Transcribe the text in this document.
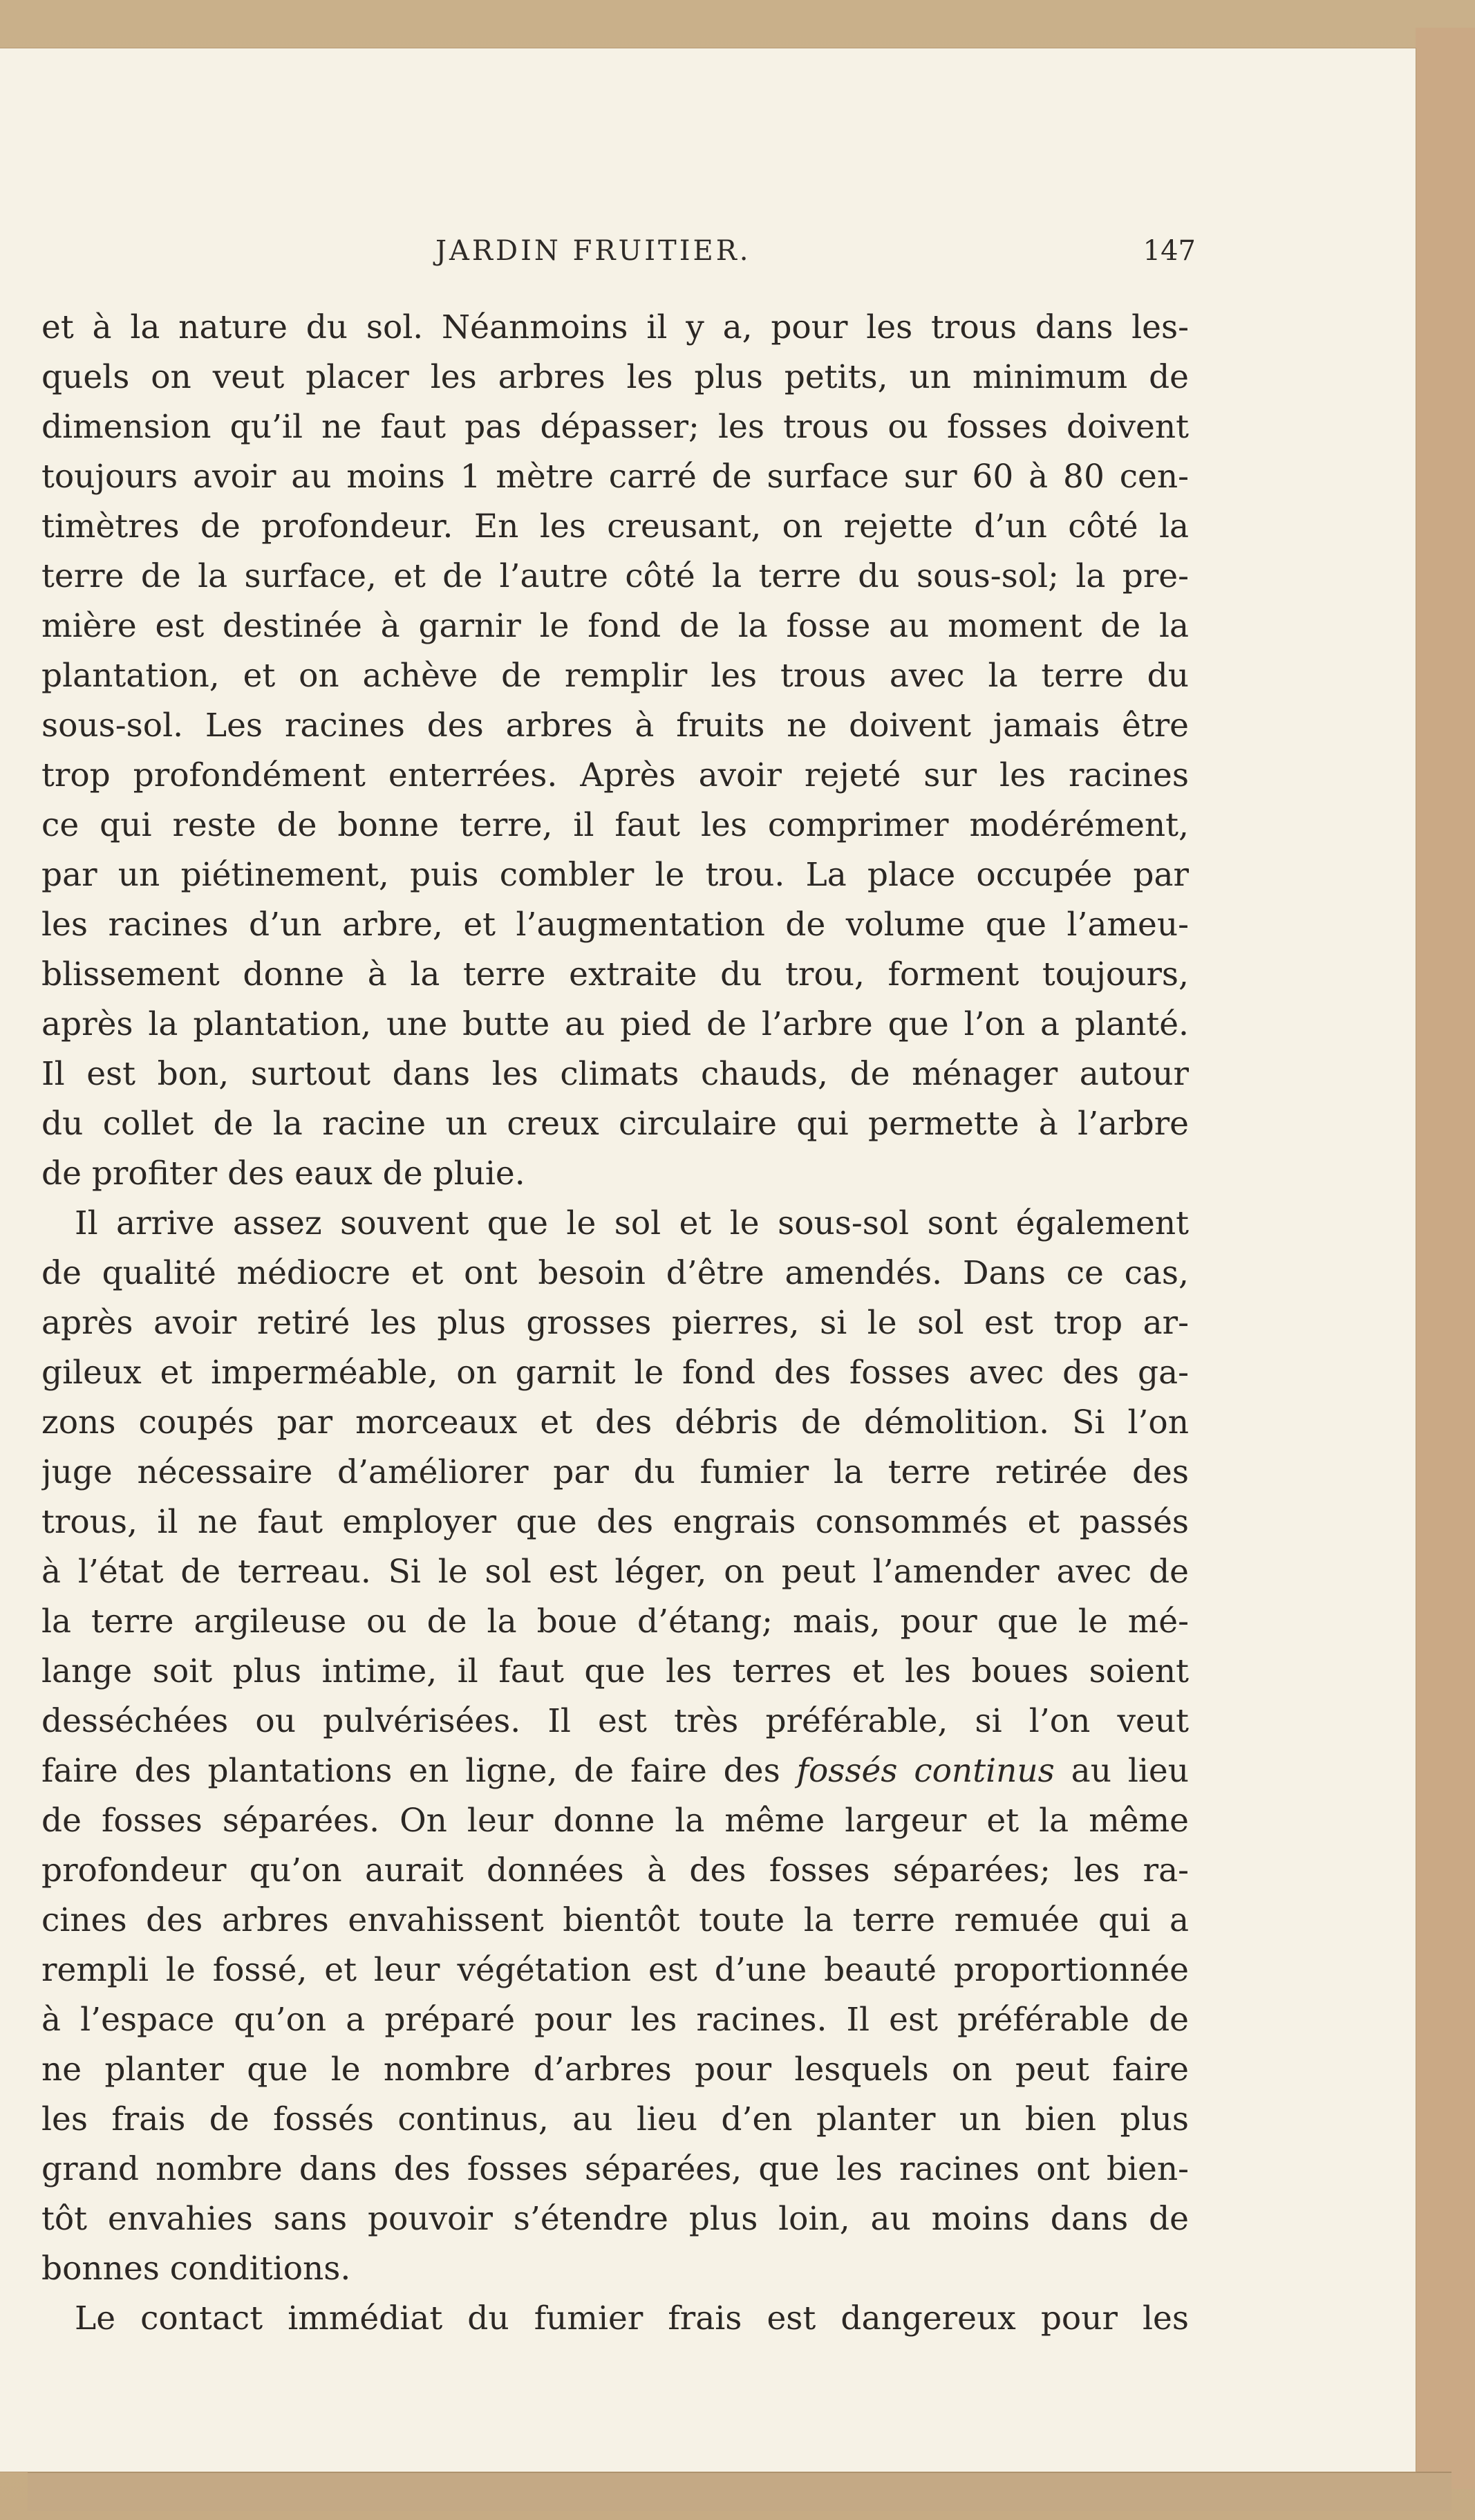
JARDIN FRUITIER.	147
et à la nature du sol. Néanmoins il y a, pour les trous dans les-
quels on veut placer les arbres les plus petits, un minimum de
dimension qu’il ne faut pas dépasser; les trous ou fosses doivent
toujours avoir au moins 1 mètre carré de surface sur 60 à 80 cen-
timètres de profondeur. En les creusant, on rejette d’un côté la
terre de la surface, et de l’autre côté la terre du sous-sol; la pre-
mière est destinée à garnir le fond de la fosse au moment de la
plantation, et on achève de remplir les trous avec la terre du
sous-sol. Les racines des arbres à fruits ne doivent jamais être
trop profondément enterrées. Après avoir rejeté sur les racines
ce qui reste de bonne terre, il faut les comprimer modérément,
par un piétinement, puis combler le trou. La place occupée par
les racines d’un arbre, et l’augmentation de volume que l’ameu-
blissement donne à la terre extraite du trou, forment toujours,
après la plantation, une butte au pied de l’arbre que l’on a planté.
Il est bon, surtout dans les climats chauds, de ménager autour
du collet de la racine un creux circulaire qui permette à l’arbre
de profiter des eaux de pluie.
Il arrive assez souvent que le sol et le sous-sol sont également
de qualité médiocre et ont besoin d’être amendés. Dans ce cas,
après avoir retiré les plus grosses pierres, si le sol est trop ar-
gileux et imperméable, on garnit le fond des fosses avec des ga-
zons coupés par morceaux et des débris de démolition. Si l’on
juge nécessaire d’améliorer par du fumier la terre retirée des
trous, il ne faut employer que des engrais consommés et passés
à l’état de terreau. Si le sol est léger, on peut l’amender avec de
la terre argileuse ou de la boue d’étang; mais, pour que le mé-
lange soit plus intime, il faut que les terres et les boues soient
desséchées ou pulvérisées. Il est très préférable, si l’on veut
faire des plantations en ligne, de faire des fossés continus au lieu
de fosses séparées. On leur donne la même largeur et la même
profondeur qu’on aurait données à des fosses séparées; les ra-
cines des arbres envahissent bientôt toute la terre remuée qui a
rempli le fossé, et leur végétation est d’une beauté proportionnée
à l’espace qu’on a préparé pour les racines. Il est préférable de
ne planter que le nombre d’arbres pour lesquels on peut faire
les frais de fossés continus, au lieu d’en planter un bien plus
grand nombre dans des fosses séparées, que les racines ont bien-
tôt envahies sans pouvoir s’étendre plus loin, au moins dans de
bonnes conditions.
Le contact immédiat du fumier frais est dangereux pour les
